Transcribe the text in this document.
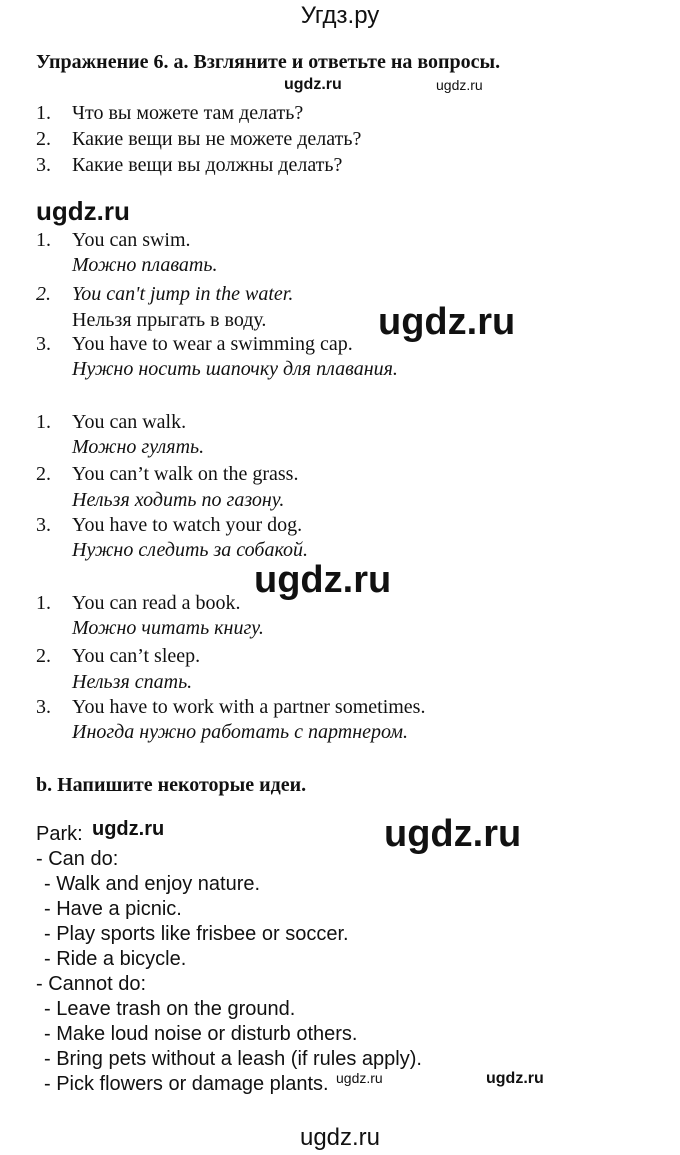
Угдз.ру
Упражнение 6. a. Взгляните и ответьте на вопросы.
ugdz.ru	ugdz.ru
1. Что вы можете там делать?
2. Какие вещи вы не можете делать?
3. Какие вещи вы должны делать?
ugdz.ru
1. You can swim.
Можно плавать.
2. You can't jump in the water.
Нельзя прыгать в воду.
3. You have to wear a swimming cap.
Нужно носить шапочку для плавания.
ugdz.ru
1. You can walk.
Можно гулять.
2. You can’t walk on the grass.
Нельзя ходить по газону.
3. You have to watch your dog.
Нужно следить за собакой.
ugdz.ru
1. You can read a book.
Можно читать книгу.
2. You can’t sleep.
Нельзя спать.
3. You have to work with a partner sometimes.
Иногда нужно работать с партнером.
b. Напишите некоторые идеи.
Park: ugdz.ru	ugdz.ru
- Can do:
- Walk and enjoy nature.
- Have a picnic.
- Play sports like frisbee or soccer.
- Ride a bicycle.
- Cannot do:
- Leave trash on the ground.
- Make loud noise or disturb others.
- Bring pets without a leash (if rules apply).
- Pick flowers or damage plants. ugdz.ru	ugdz.ru
ugdz.ru
